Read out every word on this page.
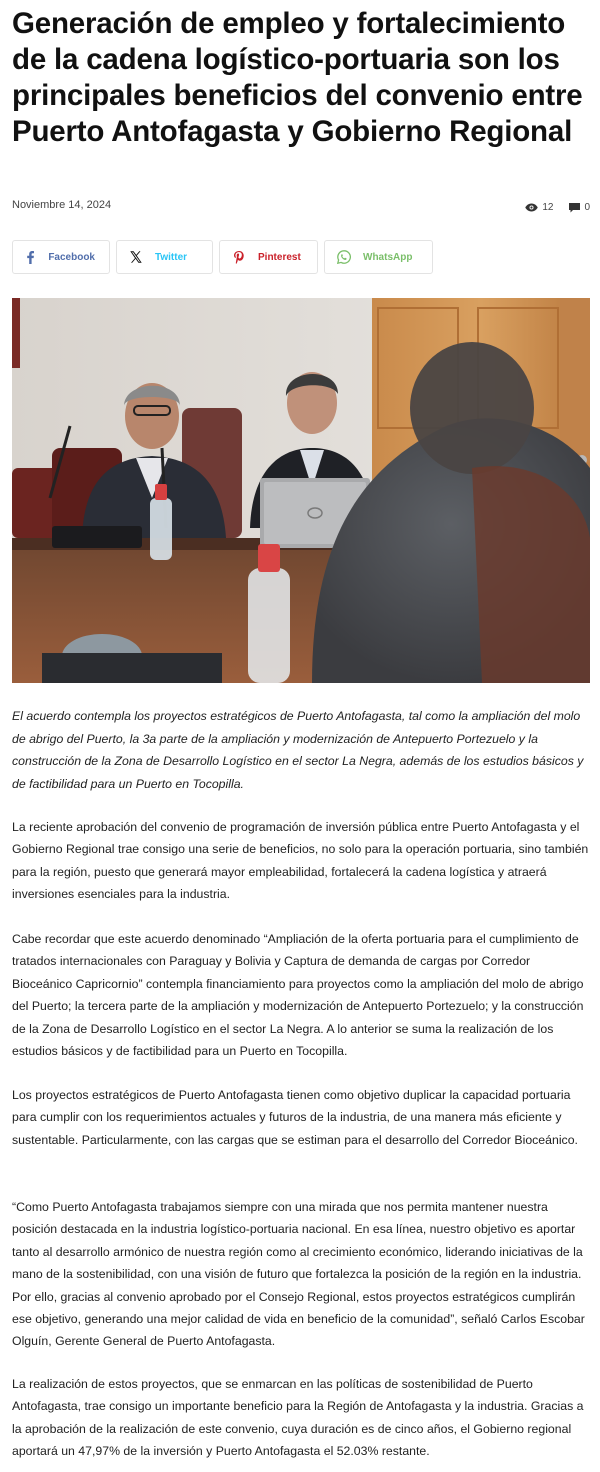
Generación de empleo y fortalecimiento de la cadena logístico-portuaria son los principales beneficios del convenio entre Puerto Antofagasta y Gobierno Regional
Noviembre 14, 2024	12	0
Facebook	Twitter	Pinterest	WhatsApp

El acuerdo contempla los proyectos estratégicos de Puerto Antofagasta, tal como la ampliación del molo de abrigo del Puerto, la 3a parte de la ampliación y modernización de Antepuerto Portezuelo y la construcción de la Zona de Desarrollo Logístico en el sector La Negra, además de los estudios básicos y de factibilidad para un Puerto en Tocopilla.

La reciente aprobación del convenio de programación de inversión pública entre Puerto Antofagasta y el Gobierno Regional trae consigo una serie de beneficios, no solo para la operación portuaria, sino también para la región, puesto que generará mayor empleabilidad, fortalecerá la cadena logística y atraerá inversiones esenciales para la industria.

Cabe recordar que este acuerdo denominado “Ampliación de la oferta portuaria para el cumplimiento de tratados internacionales con Paraguay y Bolivia y Captura de demanda de cargas por Corredor Bioceánico Capricornio” contempla financiamiento para proyectos como la ampliación del molo de abrigo del Puerto; la tercera parte de la ampliación y modernización de Antepuerto Portezuelo; y la construcción de la Zona de Desarrollo Logístico en el sector La Negra. A lo anterior se suma la realización de los estudios básicos y de factibilidad para un Puerto en Tocopilla.

Los proyectos estratégicos de Puerto Antofagasta tienen como objetivo duplicar la capacidad portuaria para cumplir con los requerimientos actuales y futuros de la industria, de una manera más eficiente y sustentable. Particularmente, con las cargas que se estiman para el desarrollo del Corredor Bioceánico.

“Como Puerto Antofagasta trabajamos siempre con una mirada que nos permita mantener nuestra posición destacada en la industria logístico-portuaria nacional. En esa línea, nuestro objetivo es aportar tanto al desarrollo armónico de nuestra región como al crecimiento económico, liderando iniciativas de la mano de la sostenibilidad, con una visión de futuro que fortalezca la posición de la región en la industria. Por ello, gracias al convenio aprobado por el Consejo Regional, estos proyectos estratégicos cumplirán ese objetivo, generando una mejor calidad de vida en beneficio de la comunidad”, señaló Carlos Escobar Olguín, Gerente General de Puerto Antofagasta.

La realización de estos proyectos, que se enmarcan en las políticas de sostenibilidad de Puerto Antofagasta, trae consigo un importante beneficio para la Región de Antofagasta y la industria. Gracias a la aprobación de la realización de este convenio, cuya duración es de cinco años, el Gobierno regional aportará un 47,97% de la inversión y Puerto Antofagasta el 52.03% restante.
